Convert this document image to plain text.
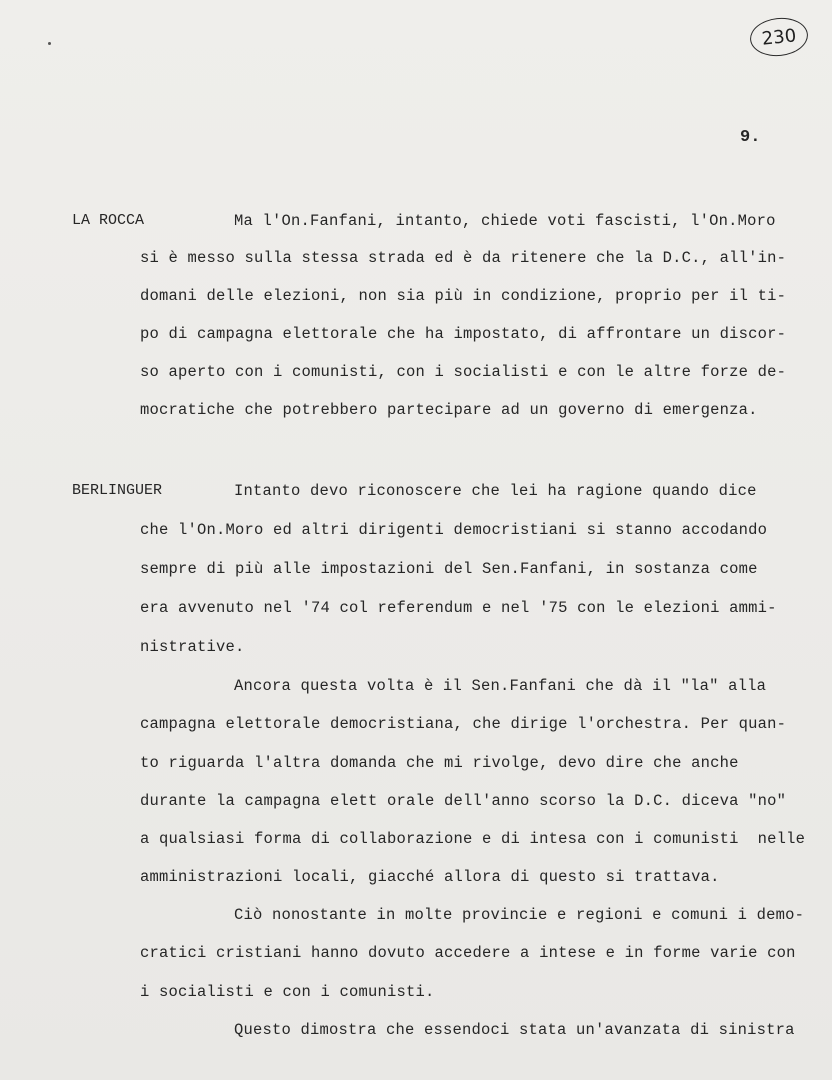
230
9.
LA ROCCA	Ma l'On.Fanfani, intanto, chiede voti fascisti, l'On.Moro
si è messo sulla stessa strada ed è da ritenere che la D.C., all'in-
domani delle elezioni, non sia più in condizione, proprio per il ti-
po di campagna elettorale che ha impostato, di affrontare un discor-
so aperto con i comunisti, con i socialisti e con le altre forze de-
mocratiche che potrebbero partecipare ad un governo di emergenza.
BERLINGUER	Intanto devo riconoscere che lei ha ragione quando dice
che l'On.Moro ed altri dirigenti democristiani si stanno accodando
sempre di più alle impostazioni del Sen.Fanfani, in sostanza come
era avvenuto nel '74 col referendum e nel '75 con le elezioni ammi-
nistrative.
Ancora questa volta è il Sen.Fanfani che dà il "la" alla
campagna elettorale democristiana, che dirige l'orchestra. Per quan-
to riguarda l'altra domanda che mi rivolge, devo dire che anche
durante la campagna elett orale dell'anno scorso la D.C. diceva "no"
a qualsiasi forma di collaborazione e di intesa con i comunisti  nelle
amministrazioni locali, giacché allora di questo si trattava.
Ciò nonostante in molte provincie e regioni e comuni i demo-
cratici cristiani hanno dovuto accedere a intese e in forme varie con
i socialisti e con i comunisti.
Questo dimostra che essendoci stata un'avanzata di sinistra
